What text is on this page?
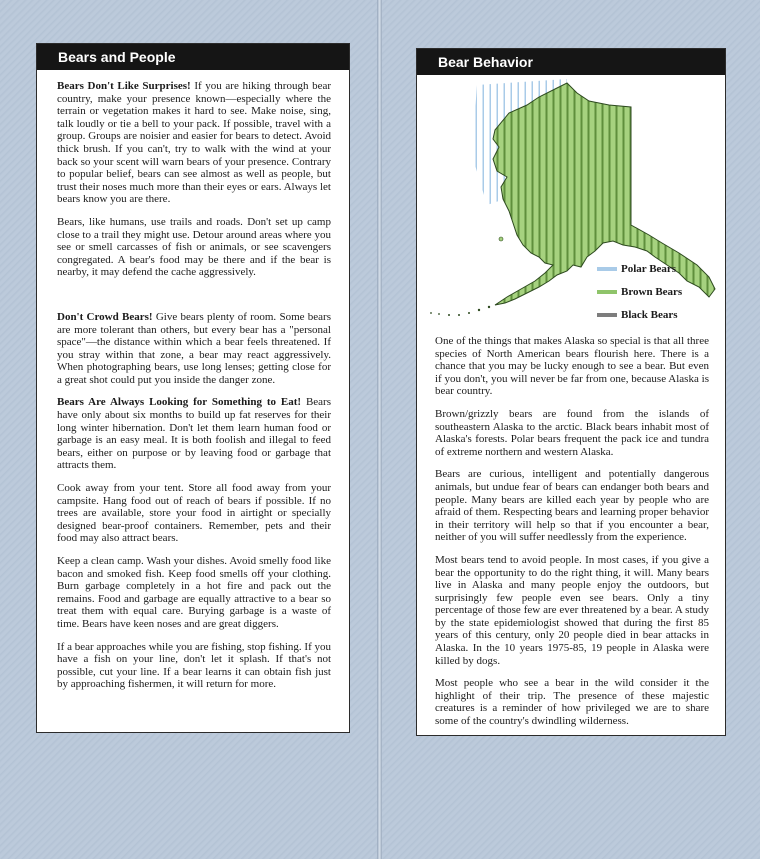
Bears and People

Bears Don't Like Surprises! If you are hiking through bear country, make your presence known—especially where the terrain or vegetation makes it hard to see. Make noise, sing, talk loudly or tie a bell to your pack. If possible, travel with a group. Groups are noisier and easier for bears to detect. Avoid thick brush. If you can't, try to walk with the wind at your back so your scent will warn bears of your presence. Contrary to popular belief, bears can see almost as well as people, but trust their noses much more than their eyes or ears. Always let bears know you are there.

Bears, like humans, use trails and roads. Don't set up camp close to a trail they might use. Detour around areas where you see or smell carcasses of fish or animals, or see scavengers congregated. A bear's food may be there and if the bear is nearby, it may defend the cache aggressively.

Don't Crowd Bears! Give bears plenty of room. Some bears are more tolerant than others, but every bear has a "personal space"—the distance within which a bear feels threatened. If you stray within that zone, a bear may react aggressively. When photographing bears, use long lenses; getting close for a great shot could put you inside the danger zone.

Bears Are Always Looking for Something to Eat! Bears have only about six months to build up fat reserves for their long winter hibernation. Don't let them learn human food or garbage is an easy meal. It is both foolish and illegal to feed bears, either on purpose or by leaving food or garbage that attracts them.

Cook away from your tent. Store all food away from your campsite. Hang food out of reach of bears if possible. If no trees are available, store your food in airtight or specially designed bear-proof containers. Remember, pets and their food may also attract bears.

Keep a clean camp. Wash your dishes. Avoid smelly food like bacon and smoked fish. Keep food smells off your clothing. Burn garbage completely in a hot fire and pack out the remains. Food and garbage are equally attractive to a bear so treat them with equal care. Burying garbage is a waste of time. Bears have keen noses and are great diggers.

If a bear approaches while you are fishing, stop fishing. If you have a fish on your line, don't let it splash. If that's not possible, cut your line. If a bear learns it can obtain fish just by approaching fishermen, it will return for more.

Bear Behavior
Polar Bears
Brown Bears
Black Bears

One of the things that makes Alaska so special is that all three species of North American bears flourish here. There is a chance that you may be lucky enough to see a bear. But even if you don't, you will never be far from one, because Alaska is bear country.

Brown/grizzly bears are found from the islands of southeastern Alaska to the arctic. Black bears inhabit most of Alaska's forests. Polar bears frequent the pack ice and tundra of extreme northern and western Alaska.

Bears are curious, intelligent and potentially dangerous animals, but undue fear of bears can endanger both bears and people. Many bears are killed each year by people who are afraid of them. Respecting bears and learning proper behavior in their territory will help so that if you encounter a bear, neither of you will suffer needlessly from the experience.

Most bears tend to avoid people. In most cases, if you give a bear the opportunity to do the right thing, it will. Many bears live in Alaska and many people enjoy the outdoors, but surprisingly few people even see bears. Only a tiny percentage of those few are ever threatened by a bear. A study by the state epidemiologist showed that during the first 85 years of this century, only 20 people died in bear attacks in Alaska. In the 10 years 1975-85, 19 people in Alaska were killed by dogs.

Most people who see a bear in the wild consider it the highlight of their trip. The presence of these majestic creatures is a reminder of how privileged we are to share some of the country's dwindling wilderness.
